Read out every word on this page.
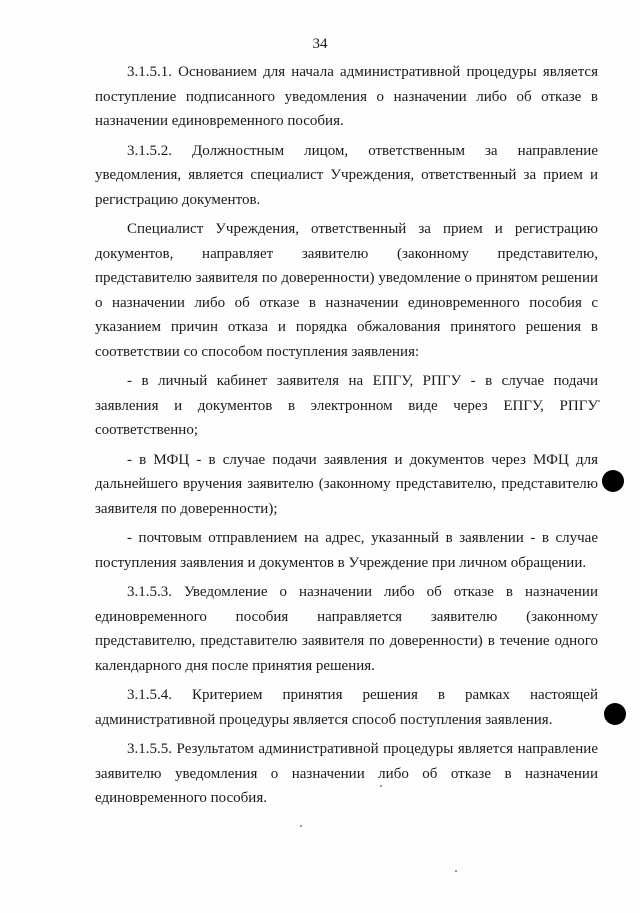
34

3.1.5.1. Основанием для начала административной процедуры является поступление подписанного уведомления о назначении либо об отказе в назначении единовременного пособия.

3.1.5.2. Должностным лицом, ответственным за направление уведомления, является специалист Учреждения, ответственный за прием и регистрацию документов.

Специалист Учреждения, ответственный за прием и регистрацию документов, направляет заявителю (законному представителю, представителю заявителя по доверенности) уведомление о принятом решении о назначении либо об отказе в назначении единовременного пособия с указанием причин отказа и порядка обжалования принятого решения в соответствии со способом поступления заявления:

- в личный кабинет заявителя на ЕПГУ, РПГУ - в случае подачи заявления и документов в электронном виде через ЕПГУ, РПГУ соответственно;

- в МФЦ - в случае подачи заявления и документов через МФЦ для дальнейшего вручения заявителю (законному представителю, представителю заявителя по доверенности);

- почтовым отправлением на адрес, указанный в заявлении - в случае поступления заявления и документов в Учреждение при личном обращении.

3.1.5.3. Уведомление о назначении либо об отказе в назначении единовременного пособия направляется заявителю (законному представителю, представителю заявителя по доверенности) в течение одного календарного дня после принятия решения.

3.1.5.4. Критерием принятия решения в рамках настоящей административной процедуры является способ поступления заявления.

3.1.5.5. Результатом административной процедуры является направление заявителю уведомления о назначении либо об отказе в назначении единовременного пособия.
